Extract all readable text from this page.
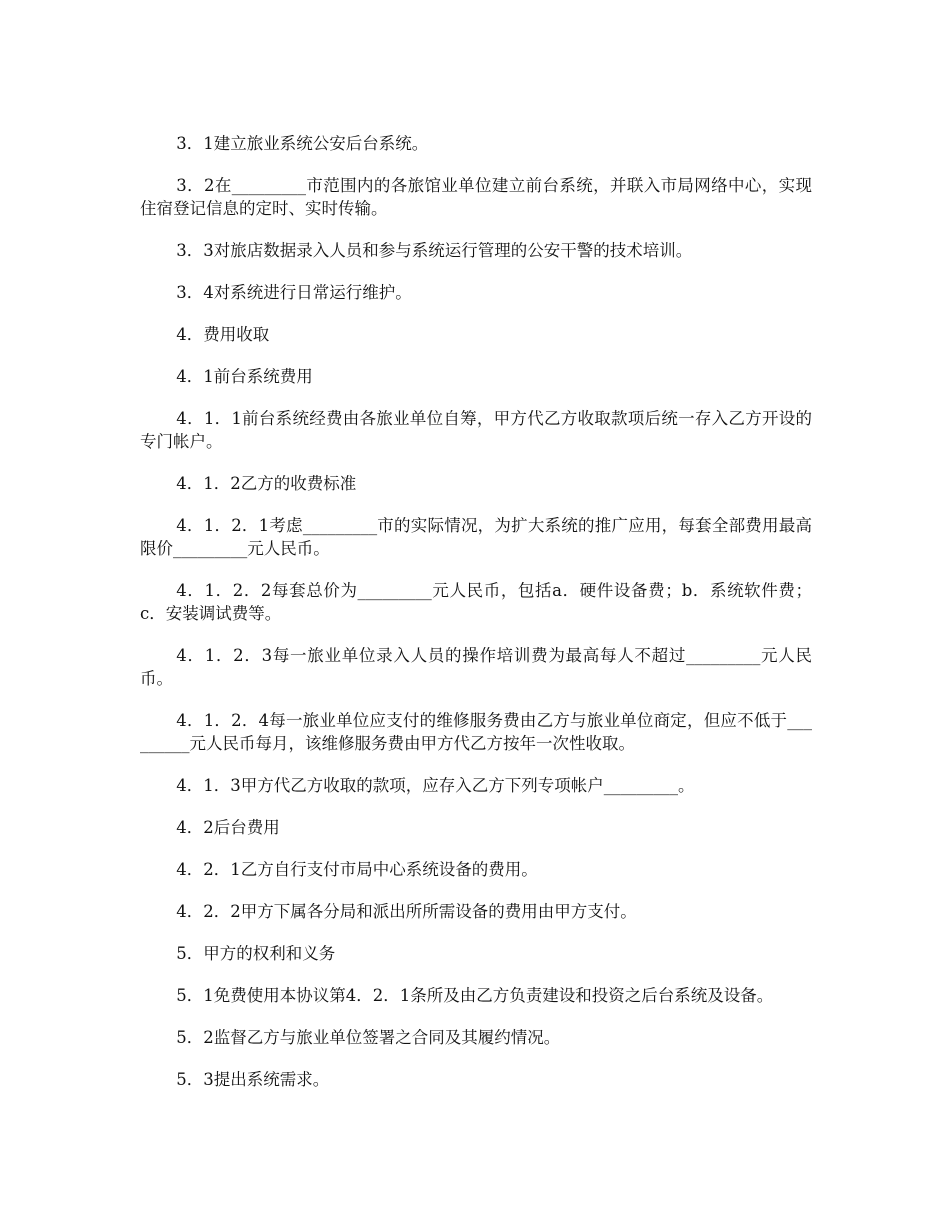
3．1建立旅业系统公安后台系统。

3．2在_________市范围内的各旅馆业单位建立前台系统，并联入市局网络中心，实现住宿登记信息的定时、实时传输。

3．3对旅店数据录入人员和参与系统运行管理的公安干警的技术培训。

3．4对系统进行日常运行维护。

4．费用收取

4．1前台系统费用

4．1．1前台系统经费由各旅业单位自筹，甲方代乙方收取款项后统一存入乙方开设的专门帐户。

4．1．2乙方的收费标准

4．1．2．1考虑_________市的实际情况，为扩大系统的推广应用，每套全部费用最高限价_________元人民币。

4．1．2．2每套总价为_________元人民币，包括a．硬件设备费；b．系统软件费；c．安装调试费等。

4．1．2．3每一旅业单位录入人员的操作培训费为最高每人不超过_________元人民币。

4．1．2．4每一旅业单位应支付的维修服务费由乙方与旅业单位商定，但应不低于_________元人民币每月，该维修服务费由甲方代乙方按年一次性收取。

4．1．3甲方代乙方收取的款项，应存入乙方下列专项帐户_________。

4．2后台费用

4．2．1乙方自行支付市局中心系统设备的费用。

4．2．2甲方下属各分局和派出所所需设备的费用由甲方支付。

5．甲方的权利和义务

5．1免费使用本协议第4．2．1条所及由乙方负责建设和投资之后台系统及设备。

5．2监督乙方与旅业单位签署之合同及其履约情况。

5．3提出系统需求。
